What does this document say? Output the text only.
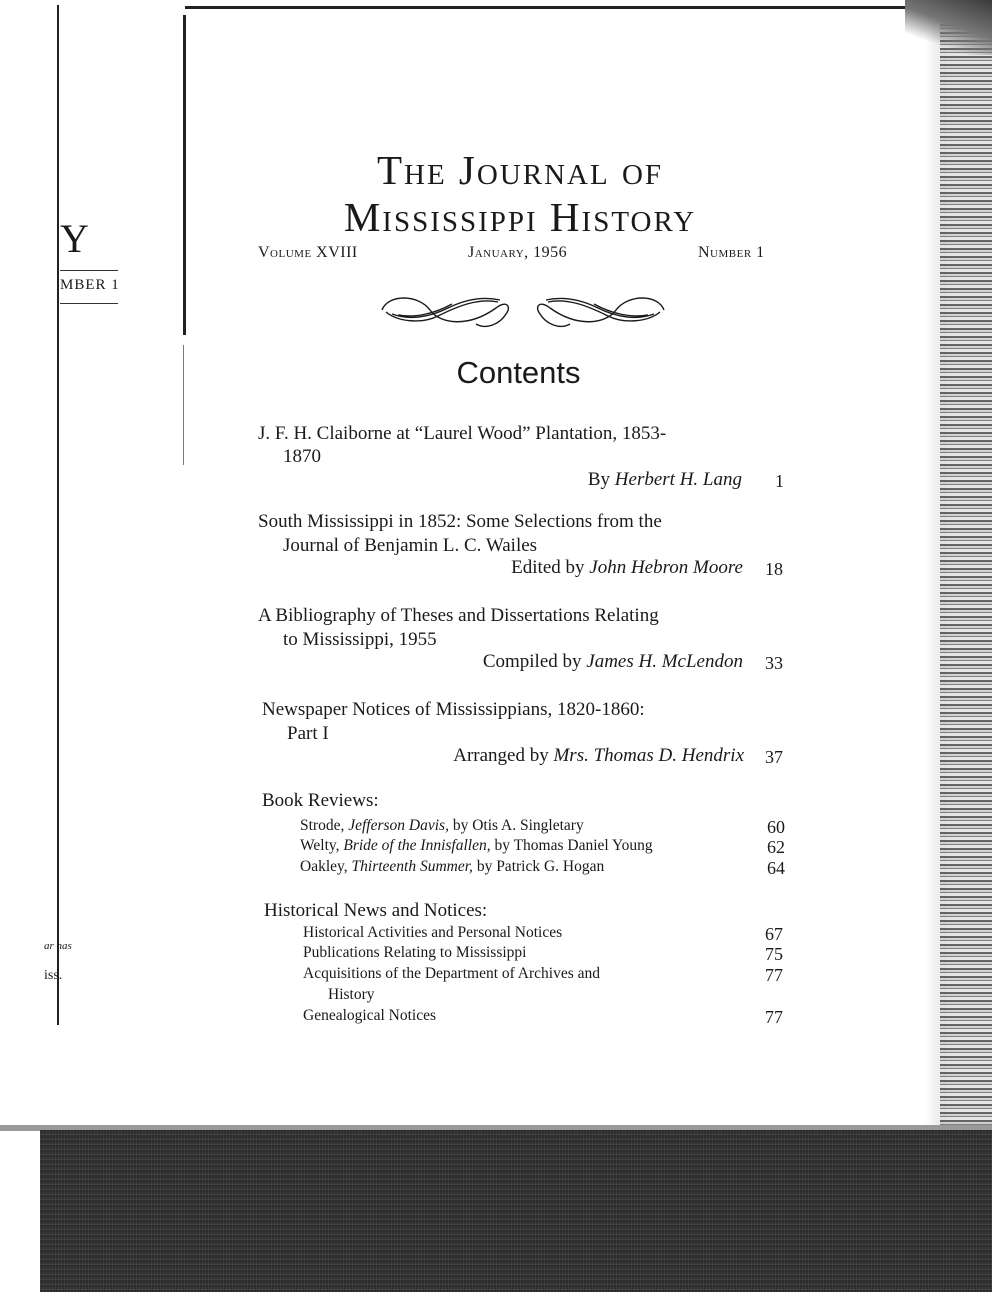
Y
MBER 1
ar nas
iss.
The Journal of
Mississippi History
Volume XVIII	January, 1956	Number 1
Contents
J. F. H. Claiborne at “Laurel Wood” Plantation, 1853-
1870
By Herbert H. Lang 1
South Mississippi in 1852: Some Selections from the
Journal of Benjamin L. C. Wailes
Edited by John Hebron Moore 18
A Bibliography of Theses and Dissertations Relating
to Mississippi, 1955
Compiled by James H. McLendon 33
Newspaper Notices of Mississippians, 1820-1860:
Part I
Arranged by Mrs. Thomas D. Hendrix 37
Book Reviews:
Strode, Jefferson Davis, by Otis A. Singletary	60
Welty, Bride of the Innisfallen, by Thomas Daniel Young	62
Oakley, Thirteenth Summer, by Patrick G. Hogan	64
Historical News and Notices:
Historical Activities and Personal Notices	67
Publications Relating to Mississippi	75
Acquisitions of the Department of Archives and
History
77
Genealogical Notices	77
